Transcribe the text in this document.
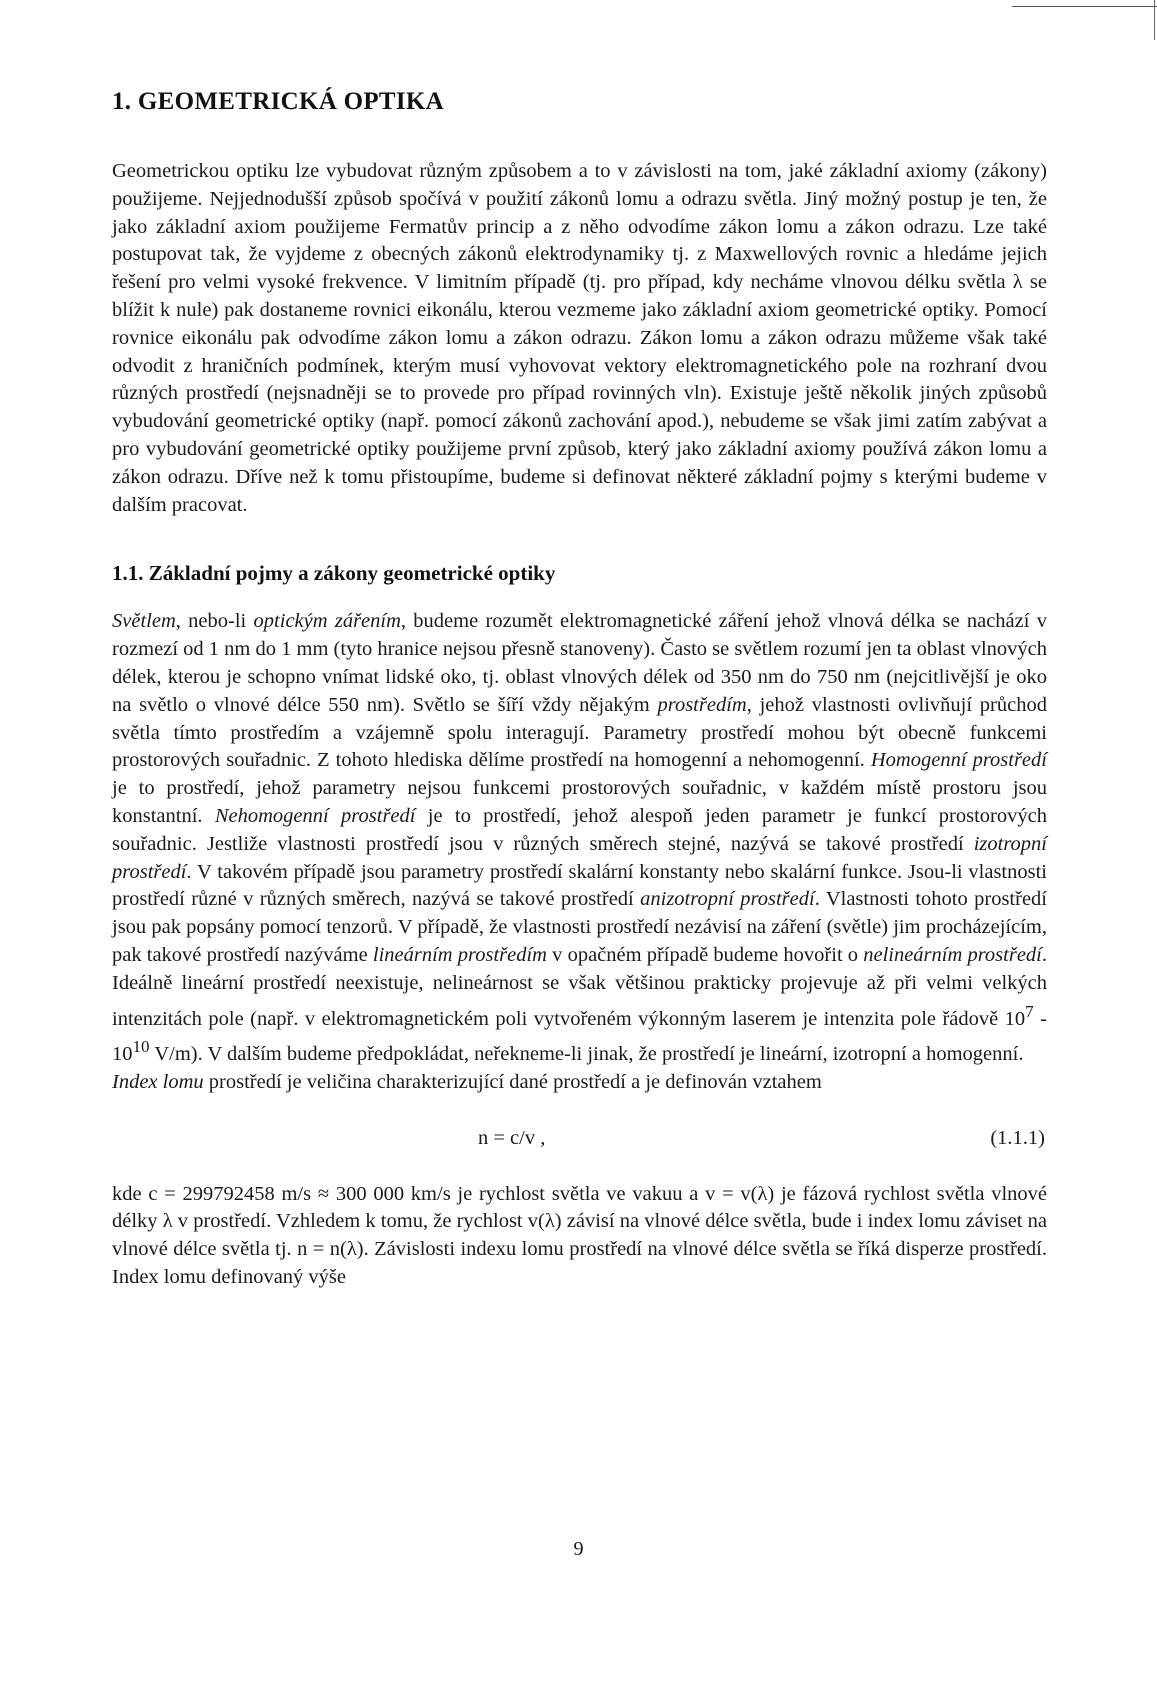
1. GEOMETRICKÁ OPTIKA

Geometrickou optiku lze vybudovat různým způsobem a to v závislosti na tom, jaké základní axiomy (zákony) použijeme. Nejjednodušší způsob spočívá v použití zákonů lomu a odrazu světla. Jiný možný postup je ten, že jako základní axiom použijeme Fermatův princip a z něho odvodíme zákon lomu a zákon odrazu. Lze také postupovat tak, že vyjdeme z obecných zákonů elektrodynamiky tj. z Maxwellových rovnic a hledáme jejich řešení pro velmi vysoké frekvence. V limitním případě (tj. pro případ, kdy necháme vlnovou délku světla λ se blížit k nule) pak dostaneme rovnici eikonálu, kterou vezmeme jako základní axiom geometrické optiky. Pomocí rovnice eikonálu pak odvodíme zákon lomu a zákon odrazu. Zákon lomu a zákon odrazu můžeme však také odvodit z hraničních podmínek, kterým musí vyhovovat vektory elektromagnetického pole na rozhraní dvou různých prostředí (nejsnadněji se to provede pro případ rovinných vln). Existuje ještě několik jiných způsobů vybudování geometrické optiky (např. pomocí zákonů zachování apod.), nebudeme se však jimi zatím zabývat a pro vybudování geometrické optiky použijeme první způsob, který jako základní axiomy používá zákon lomu a zákon odrazu. Dříve než k tomu přistoupíme, budeme si definovat některé základní pojmy s kterými budeme v dalším pracovat.

1.1. Základní pojmy a zákony geometrické optiky

Světlem, nebo-li optickým zářením, budeme rozumět elektromagnetické záření jehož vlnová délka se nachází v rozmezí od 1 nm do 1 mm (tyto hranice nejsou přesně stanoveny). Často se světlem rozumí jen ta oblast vlnových délek, kterou je schopno vnímat lidské oko, tj. oblast vlnových délek od 350 nm do 750 nm (nejcitlivější je oko na světlo o vlnové délce 550 nm). Světlo se šíří vždy nějakým prostředím, jehož vlastnosti ovlivňují průchod světla tímto prostředím a vzájemně spolu interagují. Parametry prostředí mohou být obecně funkcemi prostorových souřadnic. Z tohoto hlediska dělíme prostředí na homogenní a nehomogenní. Homogenní prostředí je to prostředí, jehož parametry nejsou funkcemi prostorových souřadnic, v každém místě prostoru jsou konstantní. Nehomogenní prostředí je to prostředí, jehož alespoň jeden parametr je funkcí prostorových souřadnic. Jestliže vlastnosti prostředí jsou v různých směrech stejné, nazývá se takové prostředí izotropní prostředí. V takovém případě jsou parametry prostředí skalární konstanty nebo skalární funkce. Jsou-li vlastnosti prostředí různé v různých směrech, nazývá se takové prostředí anizotropní prostředí. Vlastnosti tohoto prostředí jsou pak popsány pomocí tenzorů. V případě, že vlastnosti prostředí nezávisí na záření (světle) jim procházejícím, pak takové prostředí nazýváme lineárním prostředím v opačném případě budeme hovořit o nelineárním prostředí. Ideálně lineární prostředí neexistuje, nelineárnost se však většinou prakticky projevuje až při velmi velkých intenzitách pole (např. v elektromagnetickém poli vytvořeném výkonným laserem je intenzita pole řádově $10^7 - 10^{10}$ V/m). V dalším budeme předpokládat, neřekneme-li jinak, že prostředí je lineární, izotropní a homogenní.

Index lomu prostředí je veličina charakterizující dané prostředí a je definován vztahem

n = c/v ,	(1.1.1)

kde c = 299792458 m/s ≈ 300 000 km/s je rychlost světla ve vakuu a v = v(λ) je fázová rychlost světla vlnové délky λ v prostředí. Vzhledem k tomu, že rychlost v(λ) závisí na vlnové délce světla, bude i index lomu záviset na vlnové délce světla tj. n = n(λ). Závislosti indexu lomu prostředí na vlnové délce světla se říká disperze prostředí. Index lomu definovaný výše

9
